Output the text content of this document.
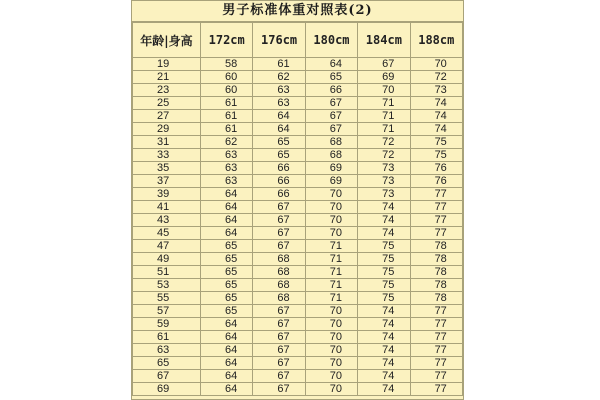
男子标准体重对照表(2)
年龄|身高	172cm	176cm	180cm	184cm	188cm
19	58	61	64	67	70
21	60	62	65	69	72
23	60	63	66	70	73
25	61	63	67	71	74
27	61	64	67	71	74
29	61	64	67	71	74
31	62	65	68	72	75
33	63	65	68	72	75
35	63	66	69	73	76
37	63	66	69	73	76
39	64	66	70	73	77
41	64	67	70	74	77
43	64	67	70	74	77
45	64	67	70	74	77
47	65	67	71	75	78
49	65	68	71	75	78
51	65	68	71	75	78
53	65	68	71	75	78
55	65	68	71	75	78
57	65	67	70	74	77
59	64	67	70	74	77
61	64	67	70	74	77
63	64	67	70	74	77
65	64	67	70	74	77
67	64	67	70	74	77
69	64	67	70	74	77
